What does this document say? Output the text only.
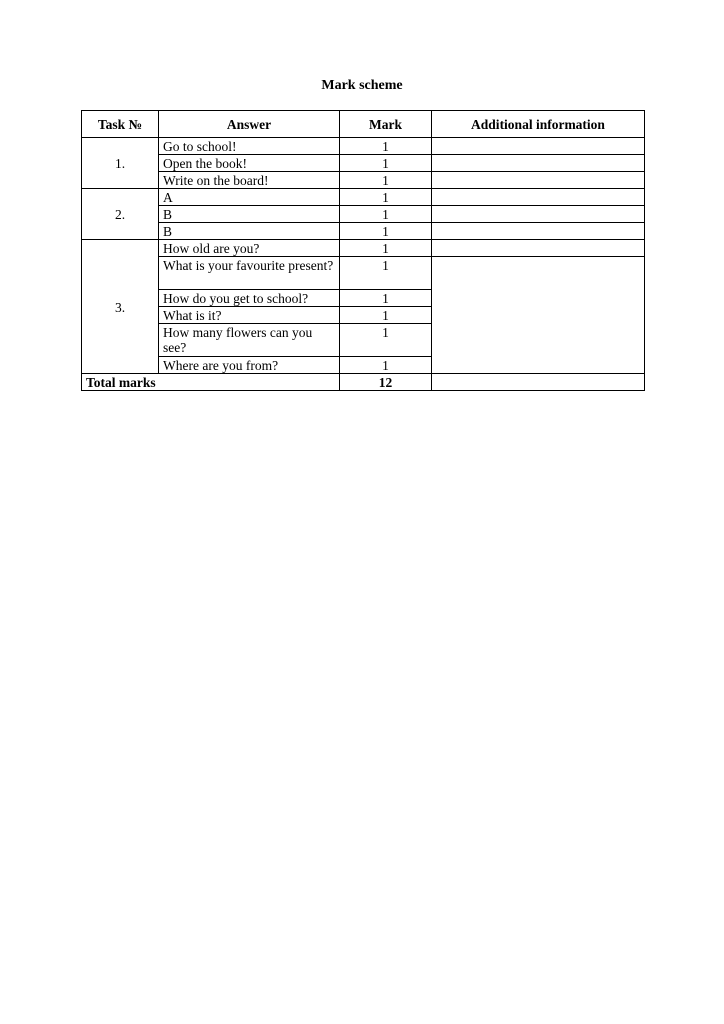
Mark scheme
Task №	Answer	Mark	Additional information
1.	Go to school!	1	
	Open the book!	1	
	Write on the board!	1	
2.	A	1	
	B	1	
	B	1	
3.	How old are you?	1	
	What is your favourite present?	1	
	How do you get to school?	1	
	What is it?	1	
	How many flowers can you see?	1	
	Where are you from?	1	
Total marks		12	
